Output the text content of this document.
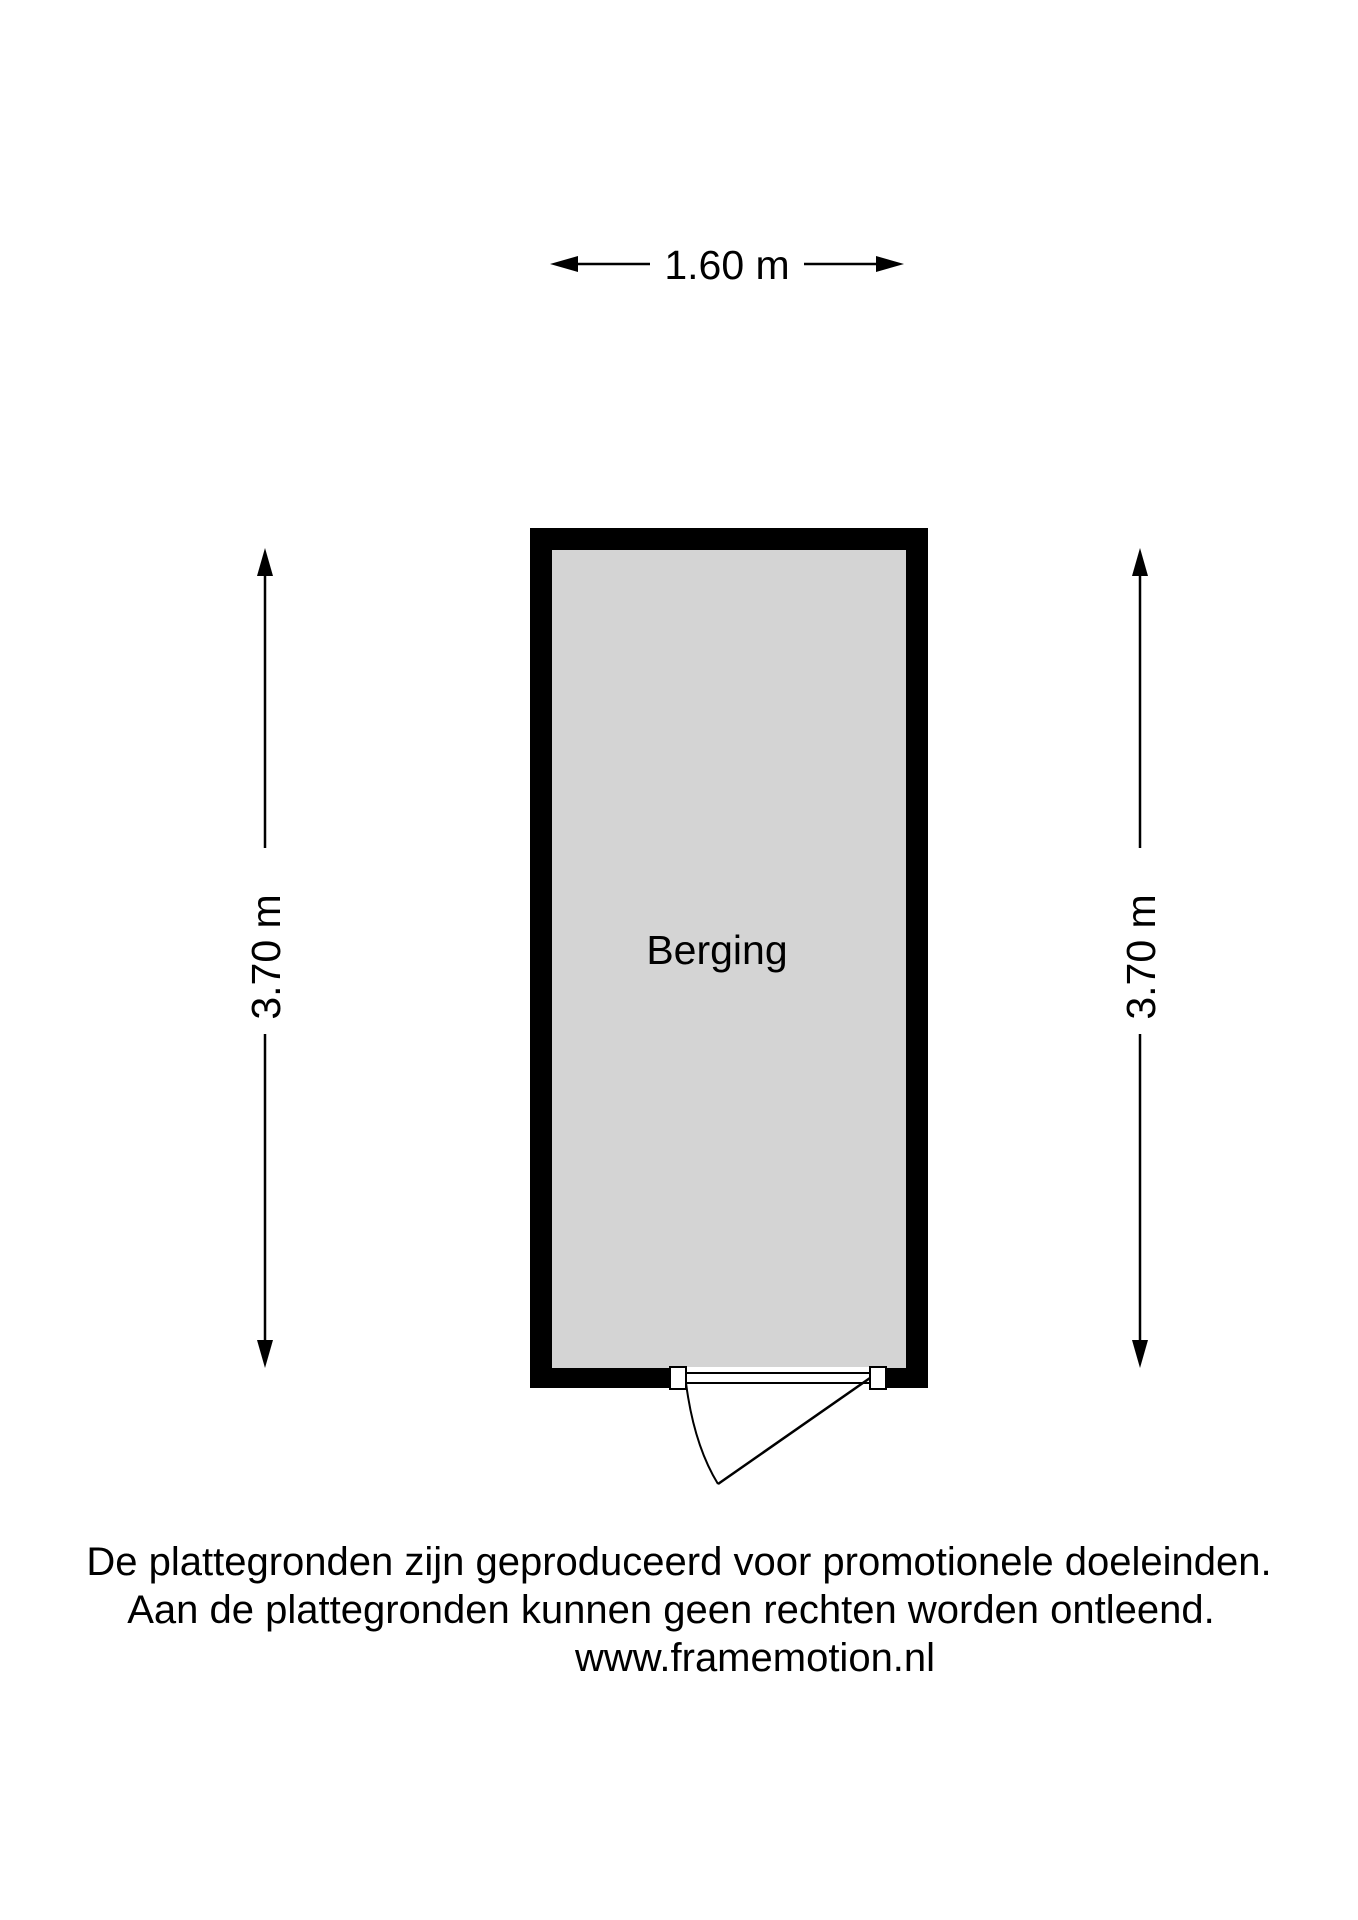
1.60 m
3.70 m	3.70 m
Berging
De plattegronden zijn geproduceerd voor promotionele doeleinden.
Aan de plattegronden kunnen geen rechten worden ontleend.
www.framemotion.nl
